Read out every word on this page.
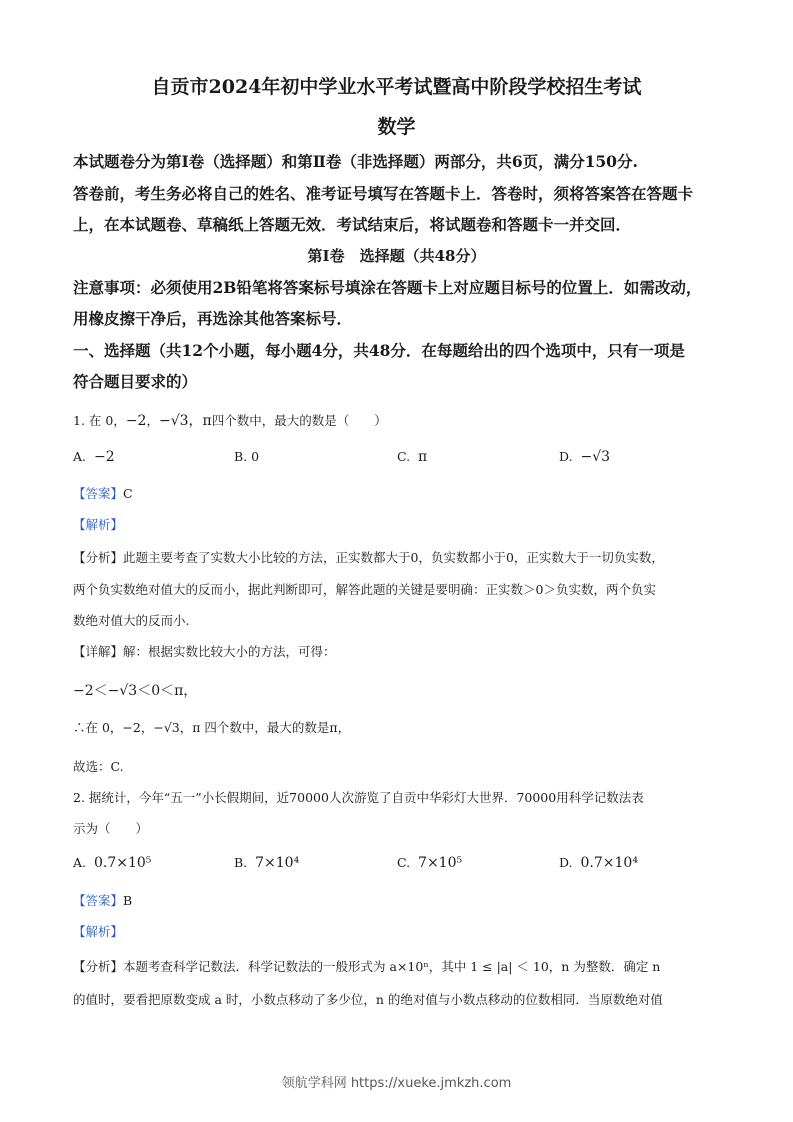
自贡市2024年初中学业水平考试暨高中阶段学校招生考试
数学
本试题卷分为第Ⅰ卷（选择题）和第Ⅱ卷（非选择题）两部分，共6页，满分150分.
答卷前，考生务必将自己的姓名、准考证号填写在答题卡上．答卷时，须将答案答在答题卡
上，在本试题卷、草稿纸上答题无效．考试结束后，将试题卷和答题卡一并交回．
第Ⅰ卷　选择题（共48分）
注意事项：必须使用2B铅笔将答案标号填涂在答题卡上对应题目标号的位置上．如需改动，
用橡皮擦干净后，再选涂其他答案标号．
一、选择题（共12个小题，每小题4分，共48分．在每题给出的四个选项中，只有一项是
符合题目要求的）
1. 在 0，−2，−√3，π四个数中，最大的数是（　　）
A. −2	B. 0	C. π	D. −√3
【答案】C
【解析】
【分析】此题主要考查了实数大小比较的方法，正实数都大于0，负实数都小于0，正实数大于一切负实数，
两个负实数绝对值大的反而小，据此判断即可，解答此题的关键是要明确：正实数＞0＞负实数，两个负实
数绝对值大的反而小.
【详解】解：根据实数比较大小的方法，可得：
−2＜−√3＜0＜π，
∴在 0，−2，−√3，π 四个数中，最大的数是π，
故选：C.
2. 据统计，今年“五一”小长假期间，近70000人次游览了自贡中华彩灯大世界．70000用科学记数法表
示为（　　）
A. 0.7×10⁵	B. 7×10⁴	C. 7×10⁵	D. 0.7×10⁴
【答案】B
【解析】
【分析】本题考查科学记数法．科学记数法的一般形式为 a×10ⁿ，其中 1 ≤ |a| ＜ 10，n 为整数．确定 n
的值时，要看把原数变成 a 时，小数点移动了多少位，n 的绝对值与小数点移动的位数相同．当原数绝对值
领航学科网 https://xueke.jmkzh.com
